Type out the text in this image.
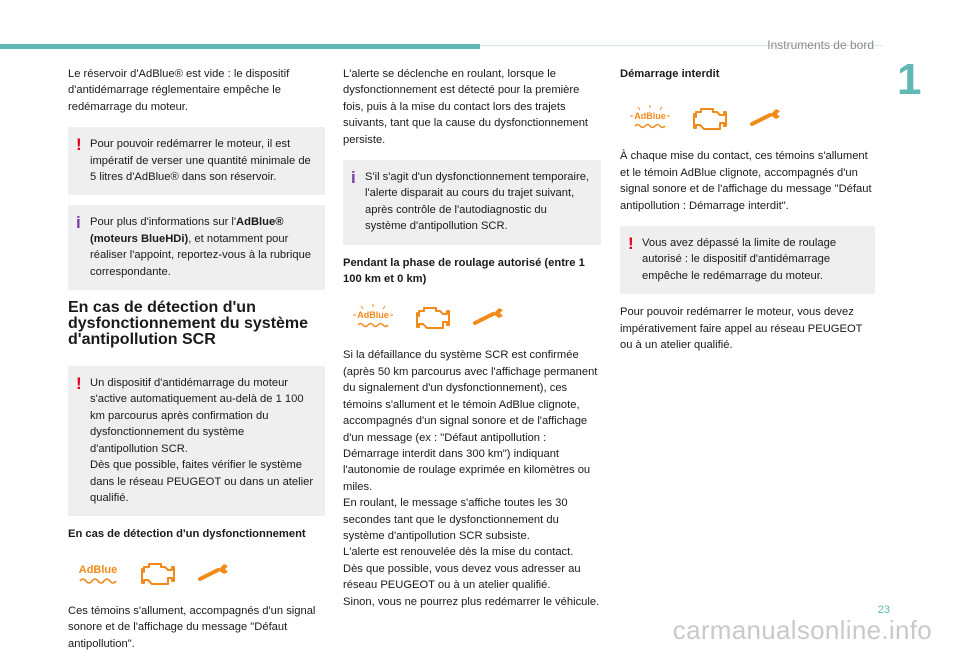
Instruments de bord
1

Le réservoir d'AdBlue® est vide : le dispositif d'antidémarrage réglementaire empêche le redémarrage du moteur.

! Pour pouvoir redémarrer le moteur, il est impératif de verser une quantité minimale de 5 litres d'AdBlue® dans son réservoir.
i Pour plus d'informations sur l'AdBlue® (moteurs BlueHDi), et notamment pour réaliser l'appoint, reportez-vous à la rubrique correspondante.
En cas de détection d'un dysfonctionnement du système d'antipollution SCR
! Un dispositif d'antidémarrage du moteur s'active automatiquement au-delà de 1 100 km parcourus après confirmation du dysfonctionnement du système d'antipollution SCR.
Dès que possible, faites vérifier le système dans le réseau PEUGEOT ou dans un atelier qualifié.

En cas de détection d'un dysfonctionnement

AdBlue

Ces témoins s'allument, accompagnés d'un signal sonore et de l'affichage du message "Défaut antipollution".

L'alerte se déclenche en roulant, lorsque le dysfonctionnement est détecté pour la première fois, puis à la mise du contact lors des trajets suivants, tant que la cause du dysfonctionnement persiste.

i S'il s'agit d'un dysfonctionnement temporaire, l'alerte disparait au cours du trajet suivant, après contrôle de l'autodiagnostic du système d'antipollution SCR.

Pendant la phase de roulage autorisé (entre 1 100 km et 0 km)

AdBlue

Si la défaillance du système SCR est confirmée (après 50 km parcourus avec l'affichage permanent du signalement d'un dysfonctionnement), ces témoins s'allument et le témoin AdBlue clignote, accompagnés d'un signal sonore et de l'affichage d'un message (ex : "Défaut antipollution : Démarrage interdit dans 300 km") indiquant l'autonomie de roulage exprimée en kilomètres ou miles.
En roulant, le message s'affiche toutes les 30 secondes tant que le dysfonctionnement du système d'antipollution SCR subsiste.
L'alerte est renouvelée dès la mise du contact.
Dès que possible, vous devez vous adresser au réseau PEUGEOT ou à un atelier qualifié.
Sinon, vous ne pourrez plus redémarrer le véhicule.

Démarrage interdit

AdBlue

À chaque mise du contact, ces témoins s'allument et le témoin AdBlue clignote, accompagnés d'un signal sonore et de l'affichage du message "Défaut antipollution : Démarrage interdit".

! Vous avez dépassé la limite de roulage autorisé : le dispositif d'antidémarrage empêche le redémarrage du moteur.

Pour pouvoir redémarrer le moteur, vous devez impérativement faire appel au réseau PEUGEOT ou à un atelier qualifié.

23
carmanualsonline.info
